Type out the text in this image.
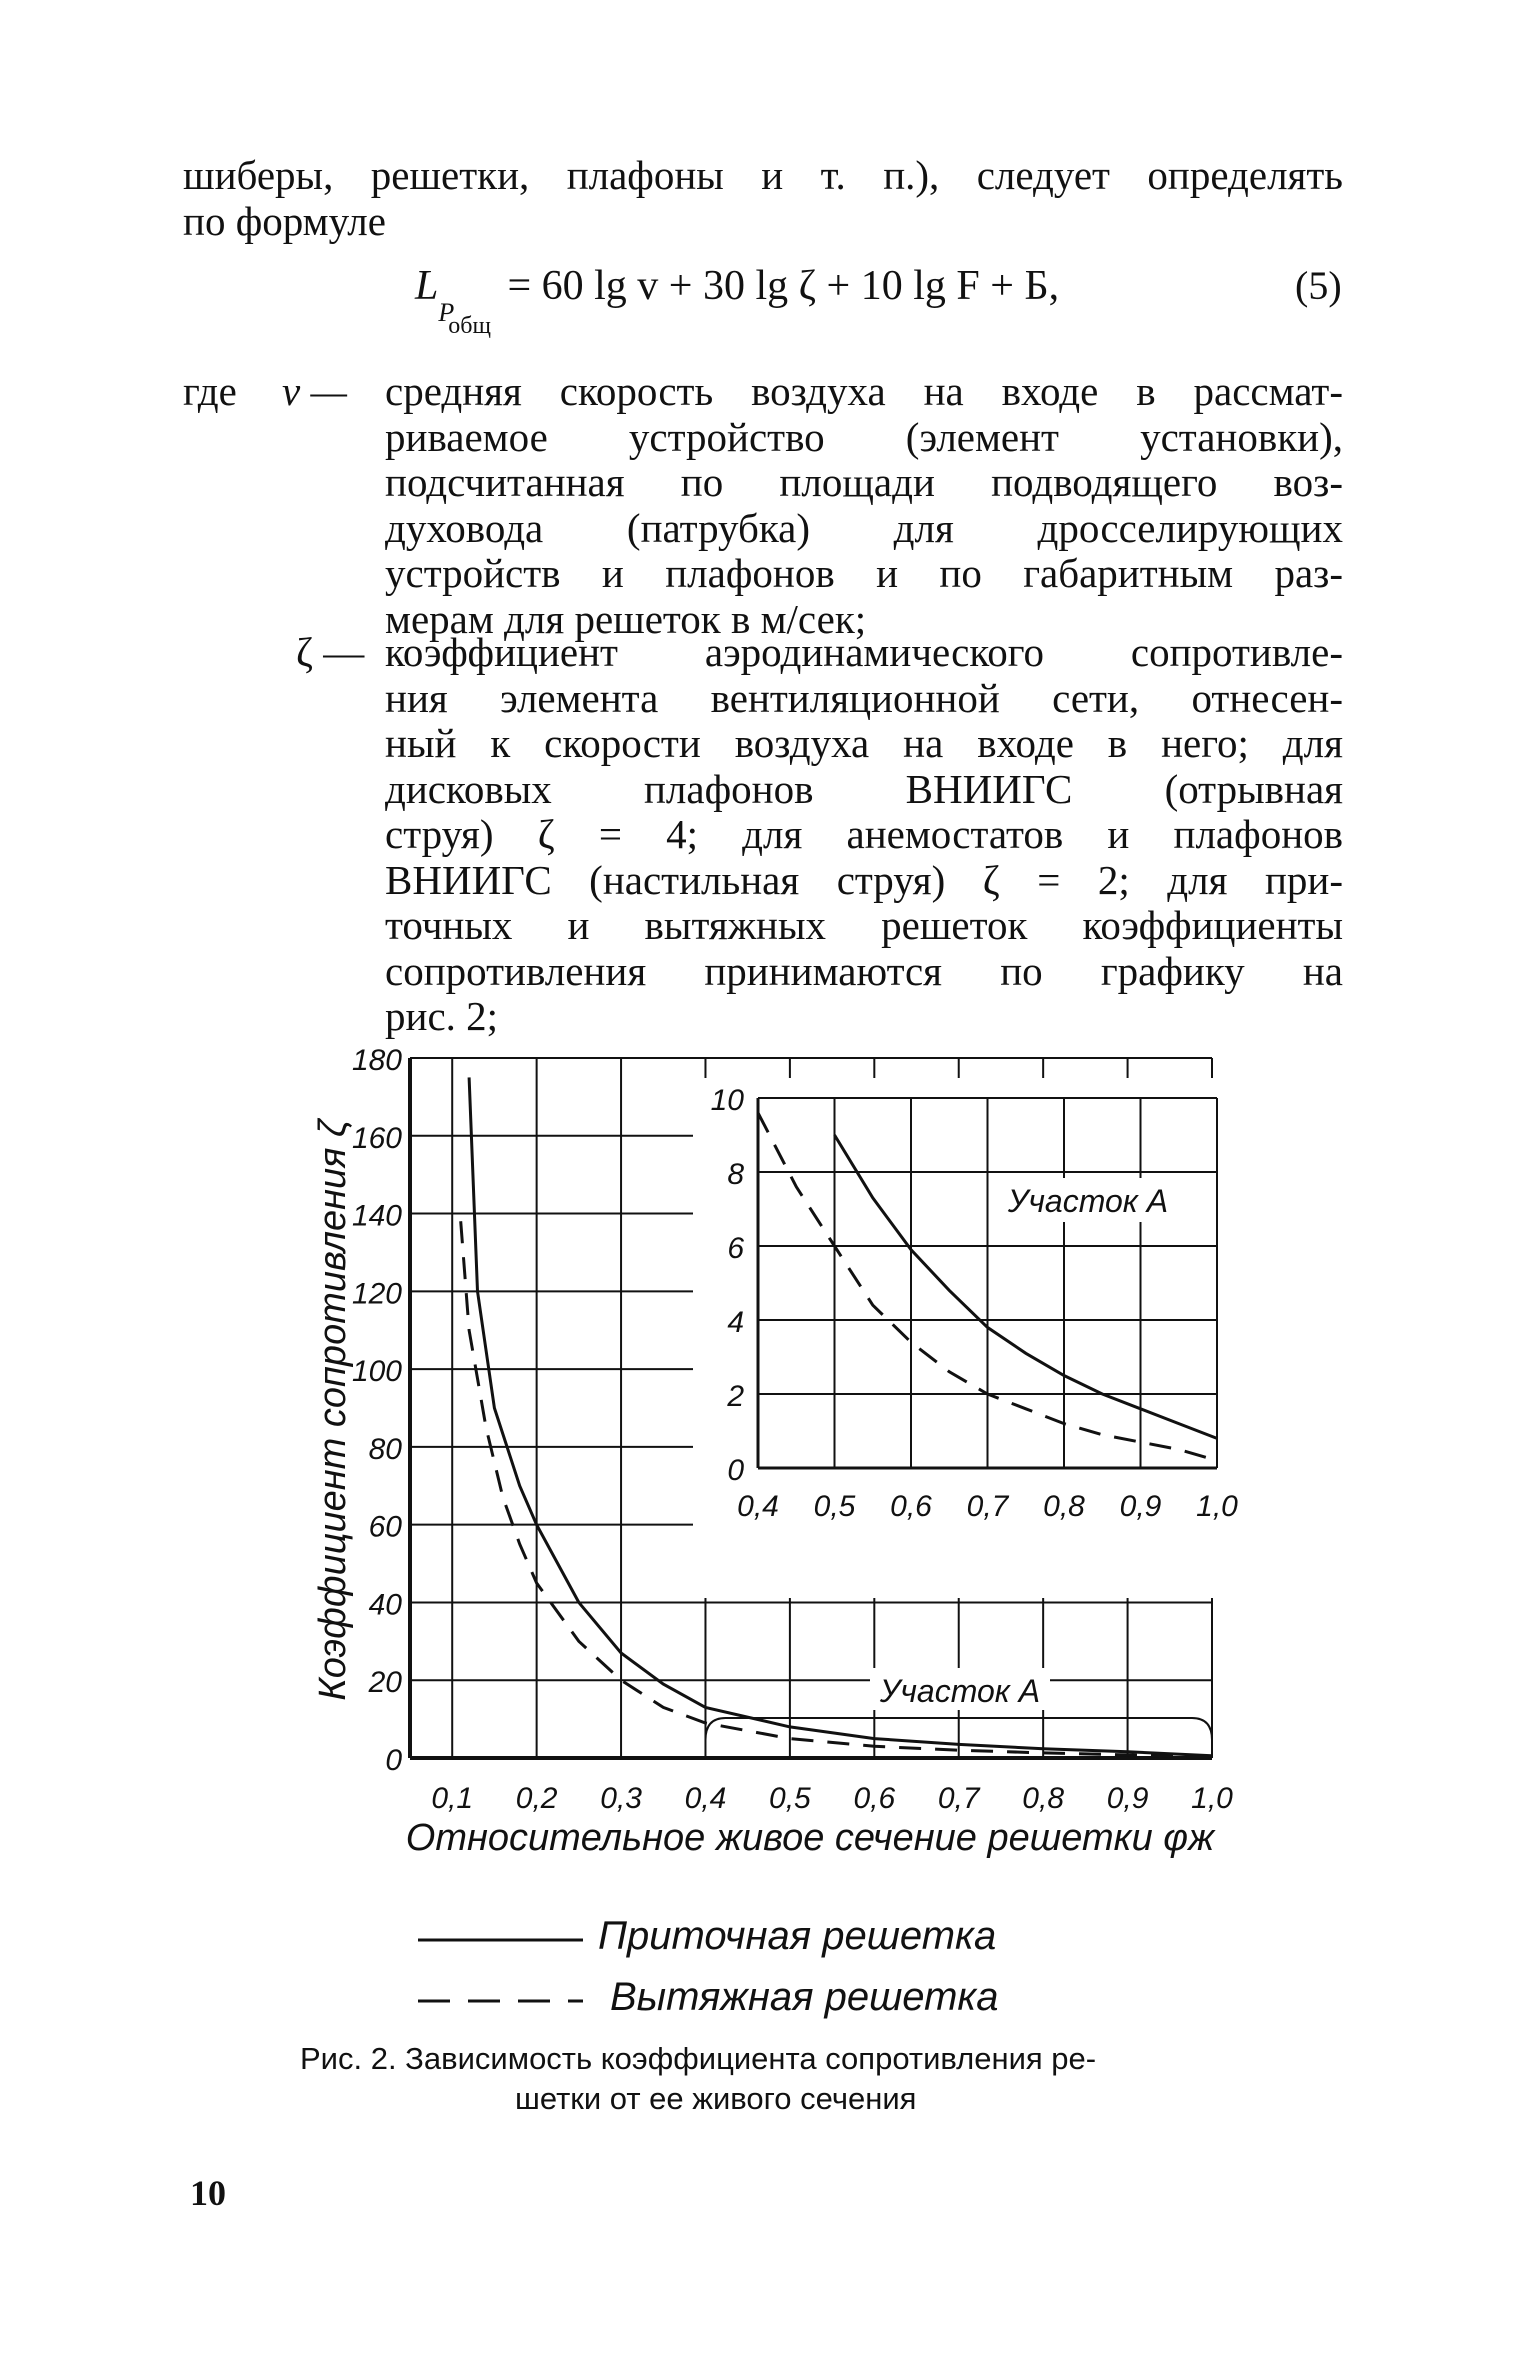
шиберы, решетки, плафоны и т. п.), следует определять
по формуле
$L_{Pобщ} = 60$ lg v + 30 lg ζ + 10 lg F + Б,	(5)
где v — средняя скорость воздуха на входе в рассмат-
риваемое устройство (элемент установки),
подсчитанная по площади подводящего воз-
духовода (патрубка) для дросселирующих
устройств и плафонов и по габаритным раз-
мерам для решеток в м/сек;
ζ — коэффициент аэродинамического сопротивле-
ния элемента вентиляционной сети, отнесен-
ный к скорости воздуха на входе в него; для
дисковых плафонов ВНИИГС (отрывная
струя) ζ = 4; для анемостатов и плафонов
ВНИИГС (настильная струя) ζ = 2; для при-
точных и вытяжных решеток коэффициенты
сопротивления принимаются по графику на
рис. 2;
0,1 0,2 0,3 0,4 0,5 0,6 0,7 0,8 0,9 1,0
0
20
40
60
80
100
120
140
160
180
0,4 0,5 0,6 0,7 0,8 0,9 1,0
0
2
4
6
8
10
Участок А
Участок А
Относительное живое сечение решетки φж
Коэффициент сопротивления ζ
Приточная решетка
Вытяжная решетка
Рис. 2. Зависимость коэффициента сопротивления ре-
шетки от ее живого сечения
10
